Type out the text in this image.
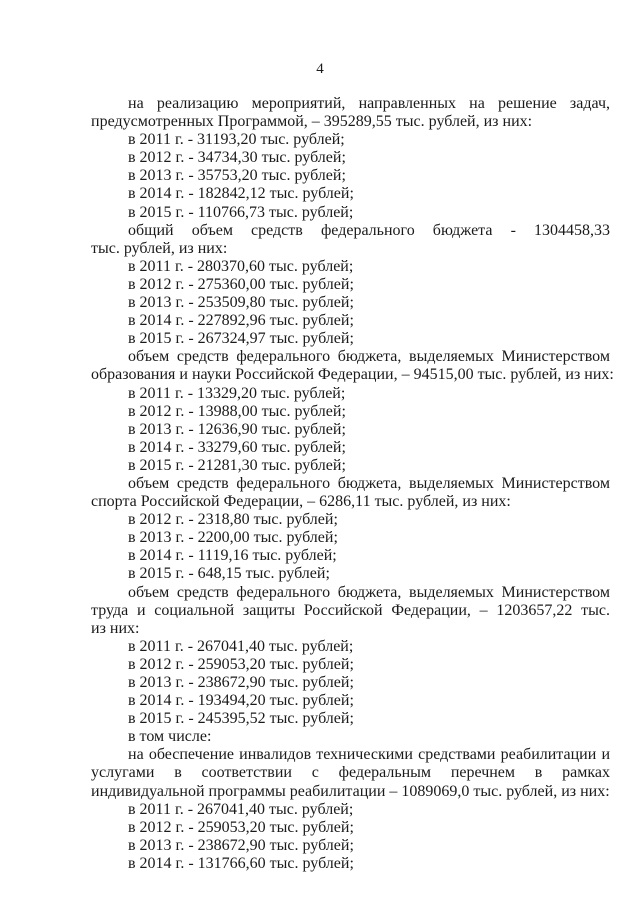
4
на реализацию мероприятий, направленных на решение задач,
предусмотренных Программой, – 395289,55 тыс. рублей, из них:
в 2011 г. - 31193,20 тыс. рублей;
в 2012 г. - 34734,30 тыс. рублей;
в 2013 г. - 35753,20 тыс. рублей;
в 2014 г. - 182842,12 тыс. рублей;
в 2015 г. - 110766,73 тыс. рублей;
общий объем средств федерального бюджета - 1304458,33
тыс. рублей, из них:
в 2011 г. - 280370,60 тыс. рублей;
в 2012 г. - 275360,00 тыс. рублей;
в 2013 г. - 253509,80 тыс. рублей;
в 2014 г. - 227892,96 тыс. рублей;
в 2015 г. - 267324,97 тыс. рублей;
объем средств федерального бюджета, выделяемых Министерством
образования и науки Российской Федерации, – 94515,00 тыс. рублей, из них:
в 2011 г. - 13329,20 тыс. рублей;
в 2012 г. - 13988,00 тыс. рублей;
в 2013 г. - 12636,90 тыс. рублей;
в 2014 г. - 33279,60 тыс. рублей;
в 2015 г. - 21281,30 тыс. рублей;
объем средств федерального бюджета, выделяемых Министерством
спорта Российской Федерации, – 6286,11 тыс. рублей, из них:
в 2012 г. - 2318,80 тыс. рублей;
в 2013 г. - 2200,00 тыс. рублей;
в 2014 г. - 1119,16 тыс. рублей;
в 2015 г. - 648,15 тыс. рублей;
объем средств федерального бюджета, выделяемых Министерством
труда и социальной защиты Российской Федерации, – 1203657,22 тыс.
из них:
в 2011 г. - 267041,40 тыс. рублей;
в 2012 г. - 259053,20 тыс. рублей;
в 2013 г. - 238672,90 тыс. рублей;
в 2014 г. - 193494,20 тыс. рублей;
в 2015 г. - 245395,52 тыс. рублей;
в том числе:
на обеспечение инвалидов техническими средствами реабилитации и
услугами в соответствии с федеральным перечнем в рамках
индивидуальной программы реабилитации – 1089069,0 тыс. рублей, из них:
в 2011 г. - 267041,40 тыс. рублей;
в 2012 г. - 259053,20 тыс. рублей;
в 2013 г. - 238672,90 тыс. рублей;
в 2014 г. - 131766,60 тыс. рублей;
